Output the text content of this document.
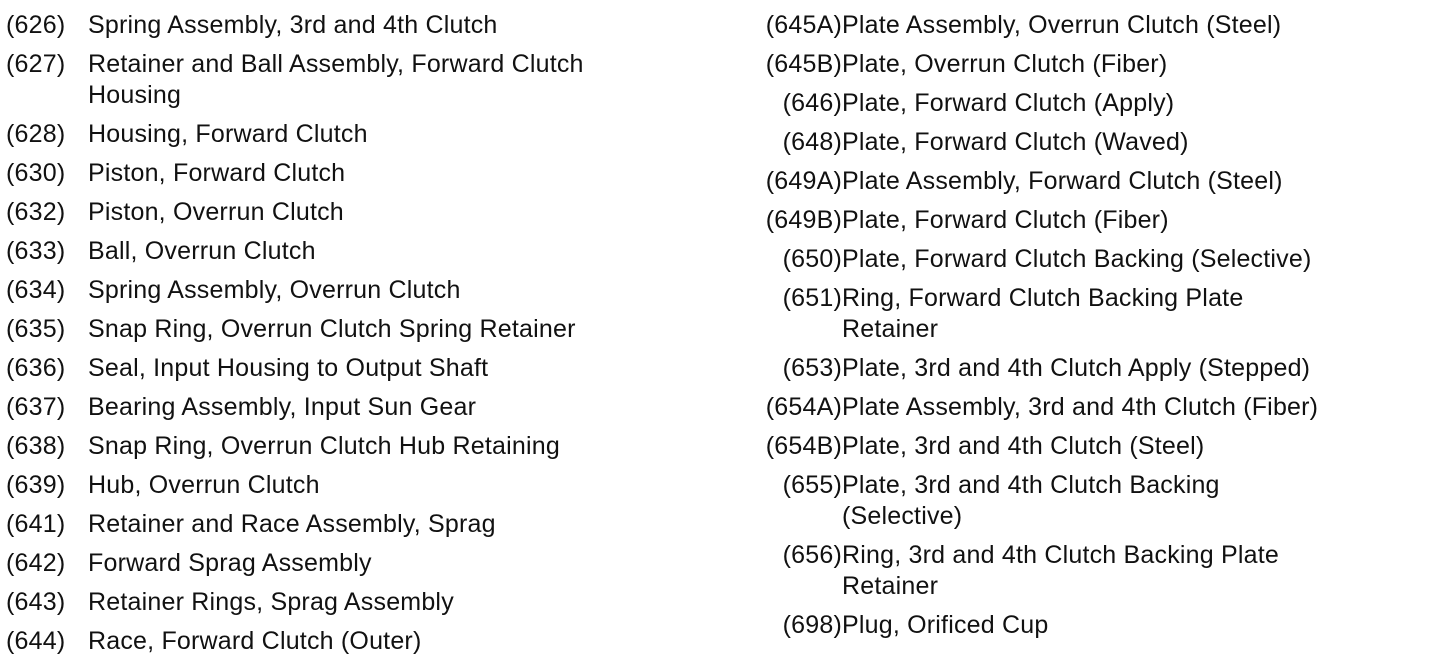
(626) Spring Assembly, 3rd and 4th Clutch
(627) Retainer and Ball Assembly, Forward Clutch Housing
(628) Housing, Forward Clutch
(630) Piston, Forward Clutch
(632) Piston, Overrun Clutch
(633) Ball, Overrun Clutch
(634) Spring Assembly, Overrun Clutch
(635) Snap Ring, Overrun Clutch Spring Retainer
(636) Seal, Input Housing to Output Shaft
(637) Bearing Assembly, Input Sun Gear
(638) Snap Ring, Overrun Clutch Hub Retaining
(639) Hub, Overrun Clutch
(641) Retainer and Race Assembly, Sprag
(642) Forward Sprag Assembly
(643) Retainer Rings, Sprag Assembly
(644) Race, Forward Clutch (Outer)
(645A) Plate Assembly, Overrun Clutch (Steel)
(645B) Plate, Overrun Clutch (Fiber)
(646) Plate, Forward Clutch (Apply)
(648) Plate, Forward Clutch (Waved)
(649A) Plate Assembly, Forward Clutch (Steel)
(649B) Plate, Forward Clutch (Fiber)
(650) Plate, Forward Clutch Backing (Selective)
(651) Ring, Forward Clutch Backing Plate Retainer
(653) Plate, 3rd and 4th Clutch Apply (Stepped)
(654A) Plate Assembly, 3rd and 4th Clutch (Fiber)
(654B) Plate, 3rd and 4th Clutch (Steel)
(655) Plate, 3rd and 4th Clutch Backing (Selective)
(656) Ring, 3rd and 4th Clutch Backing Plate Retainer
(698) Plug, Orificed Cup
